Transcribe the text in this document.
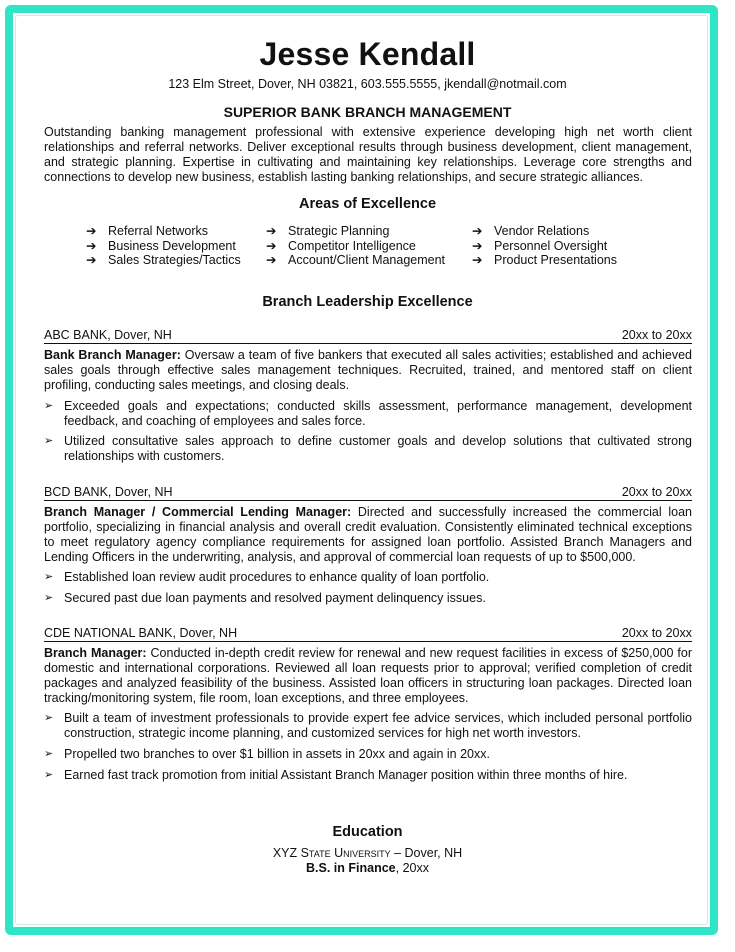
Jesse Kendall
123 Elm Street, Dover, NH 03821, 603.555.5555, jkendall@notmail.com
SUPERIOR BANK BRANCH MANAGEMENT

Outstanding banking management professional with extensive experience developing high net worth client relationships and referral networks. Deliver exceptional results through business development, client management, and strategic planning. Expertise in cultivating and maintaining key relationships. Leverage core strengths and connections to develop new business, establish lasting banking relationships, and secure strategic alliances.

Areas of Excellence
➔ Referral Networks
➔ Business Development
➔ Sales Strategies/Tactics
➔ Strategic Planning
➔ Competitor Intelligence
➔ Account/Client Management
➔ Vendor Relations
➔ Personnel Oversight
➔ Product Presentations
Branch Leadership Excellence
ABC BANK, Dover, NH	20xx to 20xx

Bank Branch Manager: Oversaw a team of five bankers that executed all sales activities; established and achieved sales goals through effective sales management techniques. Recruited, trained, and mentored staff on client profiling, conducting sales meetings, and closing deals.

➢ Exceeded goals and expectations; conducted skills assessment, performance management, development feedback, and coaching of employees and sales force.
➢ Utilized consultative sales approach to define customer goals and develop solutions that cultivated strong relationships with customers.
BCD BANK, Dover, NH	20xx to 20xx

Branch Manager / Commercial Lending Manager: Directed and successfully increased the commercial loan portfolio, specializing in financial analysis and overall credit evaluation. Consistently eliminated technical exceptions to meet regulatory agency compliance requirements for assigned loan portfolio. Assisted Branch Managers and Lending Officers in the underwriting, analysis, and approval of commercial loan requests of up to $500,000.

➢ Established loan review audit procedures to enhance quality of loan portfolio.
➢ Secured past due loan payments and resolved payment delinquency issues.
CDE NATIONAL BANK, Dover, NH	20xx to 20xx

Branch Manager: Conducted in-depth credit review for renewal and new request facilities in excess of $250,000 for domestic and international corporations. Reviewed all loan requests prior to approval; verified completion of credit packages and analyzed feasibility of the business. Assisted loan officers in structuring loan packages. Directed loan tracking/monitoring system, file room, loan exceptions, and three employees.

➢ Built a team of investment professionals to provide expert fee advice services, which included personal portfolio construction, strategic income planning, and customized services for high net worth investors.
➢ Propelled two branches to over $1 billion in assets in 20xx and again in 20xx.
➢ Earned fast track promotion from initial Assistant Branch Manager position within three months of hire.
Education
XYZ State University – Dover, NH
B.S. in Finance, 20xx
